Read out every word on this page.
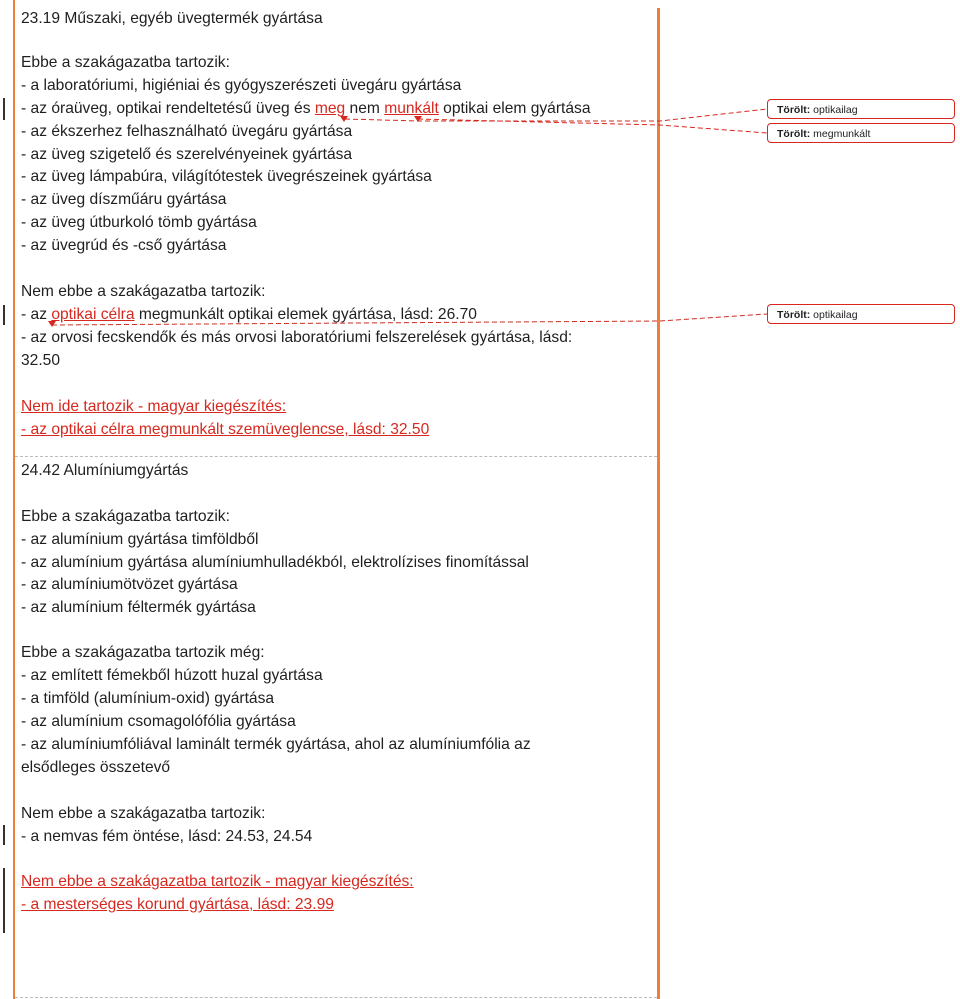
23.19 Műszaki, egyéb üvegtermék gyártása
Ebbe a szakágazatba tartozik:
- a laboratóriumi, higiéniai és gyógyszerészeti üvegáru gyártása
- az óraüveg, optikai rendeltetésű üveg és meg nem munkált optikai elem gyártása
- az ékszerhez felhasználható üvegáru gyártása
- az üveg szigetelő és szerelvényeinek gyártása
- az üveg lámpabúra, világítótestek üvegrészeinek gyártása
- az üveg díszműáru gyártása
- az üveg útburkoló tömb gyártása
- az üvegrúd és -cső gyártása
Nem ebbe a szakágazatba tartozik:
- az optikai célra megmunkált optikai elemek gyártása, lásd: 26.70
- az orvosi fecskendők és más orvosi laboratóriumi felszerelések gyártása, lásd:
32.50
Nem ide tartozik - magyar kiegészítés:
- az optikai célra megmunkált szemüveglencse, lásd: 32.50
24.42 Alumíniumgyártás
Ebbe a szakágazatba tartozik:
- az alumínium gyártása timföldből
- az alumínium gyártása alumíniumhulladékból, elektrolízises finomítással
- az alumíniumötvözet gyártása
- az alumínium féltermék gyártása
Ebbe a szakágazatba tartozik még:
- az említett fémekből húzott huzal gyártása
- a timföld (alumínium-oxid) gyártása
- az alumínium csomagolófólia gyártása
- az alumíniumfóliával laminált termék gyártása, ahol az alumíniumfólia az
elsődleges összetevő
Nem ebbe a szakágazatba tartozik:
- a nemvas fém öntése, lásd: 24.53, 24.54
Nem ebbe a szakágazatba tartozik - magyar kiegészítés:
- a mesterséges korund gyártása, lásd: 23.99
Törölt: optikailag
Törölt: megmunkált
Törölt: optikailag
